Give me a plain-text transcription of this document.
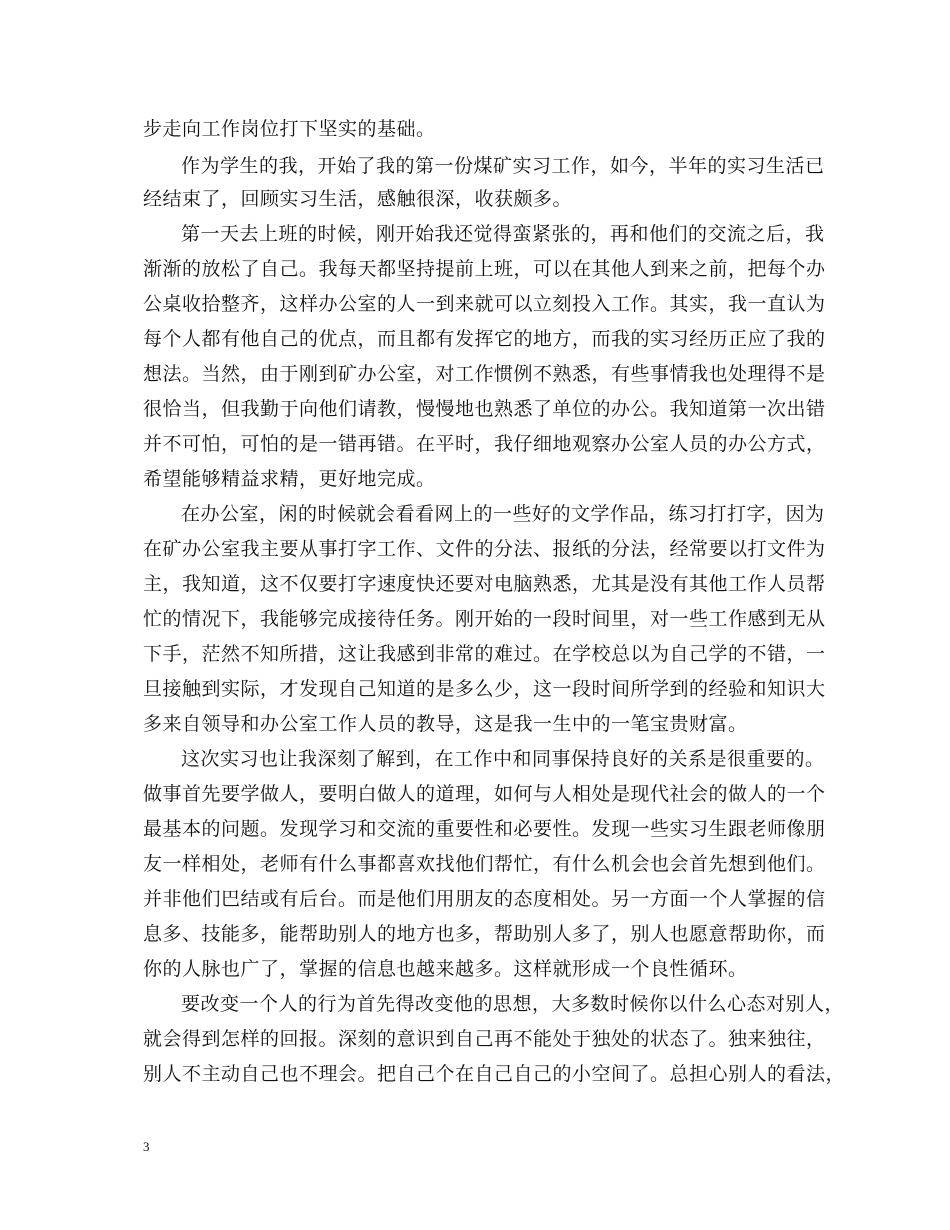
步走向工作岗位打下坚实的基础。
作为学生的我，开始了我的第一份煤矿实习工作，如今，半年的实习生活已
经结束了，回顾实习生活，感触很深，收获颇多。
第一天去上班的时候，刚开始我还觉得蛮紧张的，再和他们的交流之后，我
渐渐的放松了自己。我每天都坚持提前上班，可以在其他人到来之前，把每个办
公桌收拾整齐，这样办公室的人一到来就可以立刻投入工作。其实，我一直认为
每个人都有他自己的优点，而且都有发挥它的地方，而我的实习经历正应了我的
想法。当然，由于刚到矿办公室，对工作惯例不熟悉，有些事情我也处理得不是
很恰当，但我勤于向他们请教，慢慢地也熟悉了单位的办公。我知道第一次出错
并不可怕，可怕的是一错再错。在平时，我仔细地观察办公室人员的办公方式，
希望能够精益求精，更好地完成。
在办公室，闲的时候就会看看网上的一些好的文学作品，练习打打字，因为
在矿办公室我主要从事打字工作、文件的分法、报纸的分法，经常要以打文件为
主，我知道，这不仅要打字速度快还要对电脑熟悉，尤其是没有其他工作人员帮
忙的情况下，我能够完成接待任务。刚开始的一段时间里，对一些工作感到无从
下手，茫然不知所措，这让我感到非常的难过。在学校总以为自己学的不错，一
旦接触到实际，才发现自己知道的是多么少，这一段时间所学到的经验和知识大
多来自领导和办公室工作人员的教导，这是我一生中的一笔宝贵财富。
这次实习也让我深刻了解到，在工作中和同事保持良好的关系是很重要的。
做事首先要学做人，要明白做人的道理，如何与人相处是现代社会的做人的一个
最基本的问题。发现学习和交流的重要性和必要性。发现一些实习生跟老师像朋
友一样相处，老师有什么事都喜欢找他们帮忙，有什么机会也会首先想到他们。
并非他们巴结或有后台。而是他们用朋友的态度相处。另一方面一个人掌握的信
息多、技能多，能帮助别人的地方也多，帮助别人多了，别人也愿意帮助你，而
你的人脉也广了，掌握的信息也越来越多。这样就形成一个良性循环。
要改变一个人的行为首先得改变他的思想，大多数时候你以什么心态对别人，
就会得到怎样的回报。深刻的意识到自己再不能处于独处的状态了。独来独往，
别人不主动自己也不理会。把自己个在自己自己的小空间了。总担心别人的看法，
3
